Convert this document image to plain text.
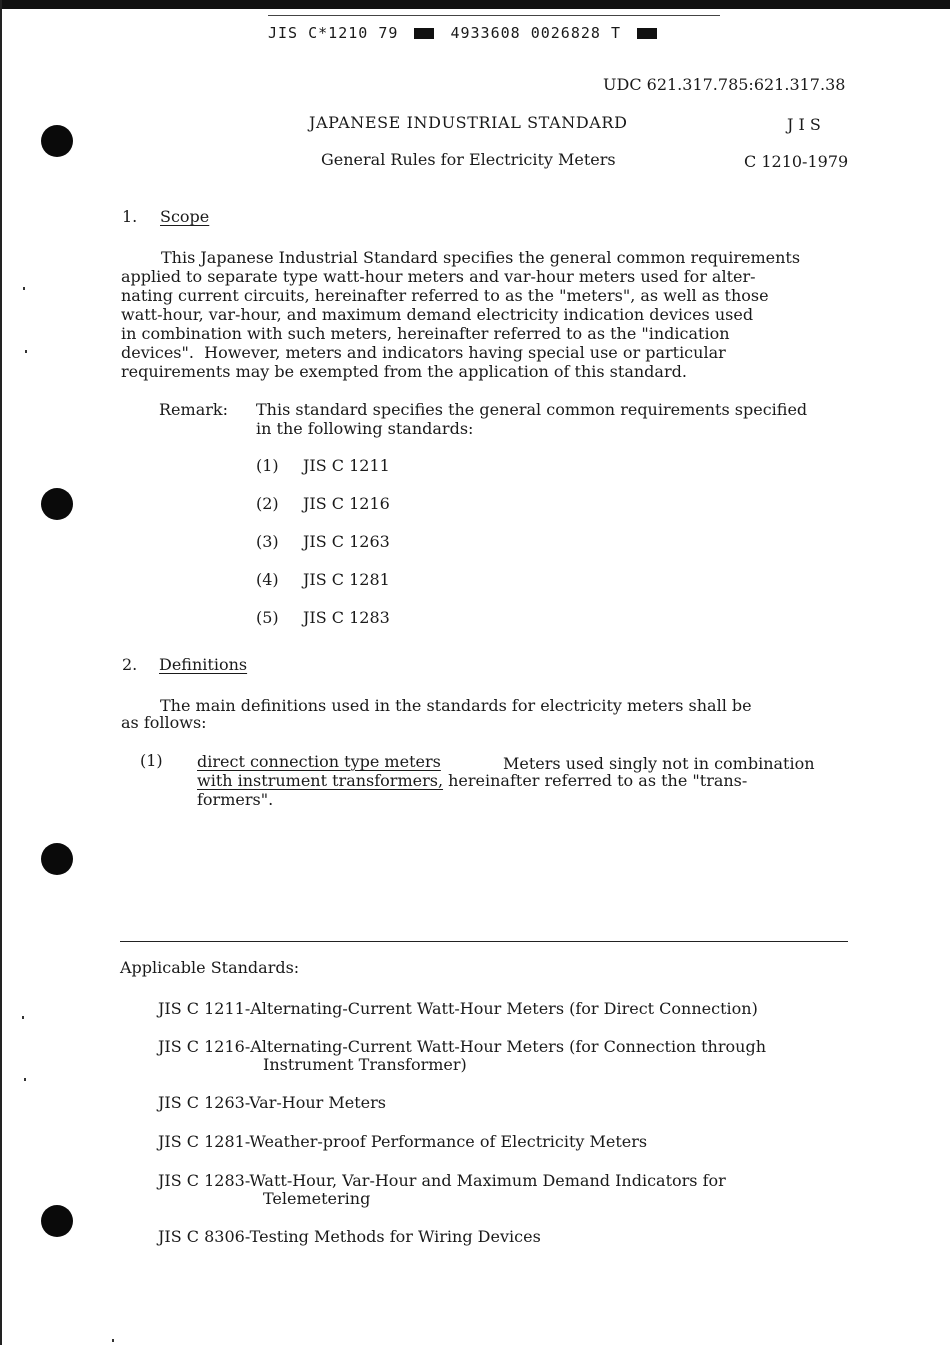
JIS C*1210 79	4933608 0026828 T
UDC 621.317.785:621.317.38
JAPANESE INDUSTRIAL STANDARD	J I S
General Rules for Electricity Meters	C 1210-1979
1. Scope
This Japanese Industrial Standard specifies the general common requirements
applied to separate type watt-hour meters and var-hour meters used for alter-
nating current circuits, hereinafter referred to as the "meters", as well as those
watt-hour, var-hour, and maximum demand electricity indication devices used
in combination with such meters, hereinafter referred to as the "indication
devices".  However, meters and indicators having special use or particular
requirements may be exempted from the application of this standard.
Remark: This standard specifies the general common requirements specified
in the following standards:
(1) JIS C 1211
(2) JIS C 1216
(3) JIS C 1263
(4) JIS C 1281
(5) JIS C 1283
2. Definitions
The main definitions used in the standards for electricity meters shall be
as follows:
(1) direct connection type meters	Meters used singly not in combination
with instrument transformers, hereinafter referred to as the "trans-
formers".
Applicable Standards:
JIS C 1211-Alternating-Current Watt-Hour Meters (for Direct Connection)
JIS C 1216-Alternating-Current Watt-Hour Meters (for Connection through
Instrument Transformer)
JIS C 1263-Var-Hour Meters
JIS C 1281-Weather-proof Performance of Electricity Meters
JIS C 1283-Watt-Hour, Var-Hour and Maximum Demand Indicators for
Telemetering
JIS C 8306-Testing Methods for Wiring Devices
